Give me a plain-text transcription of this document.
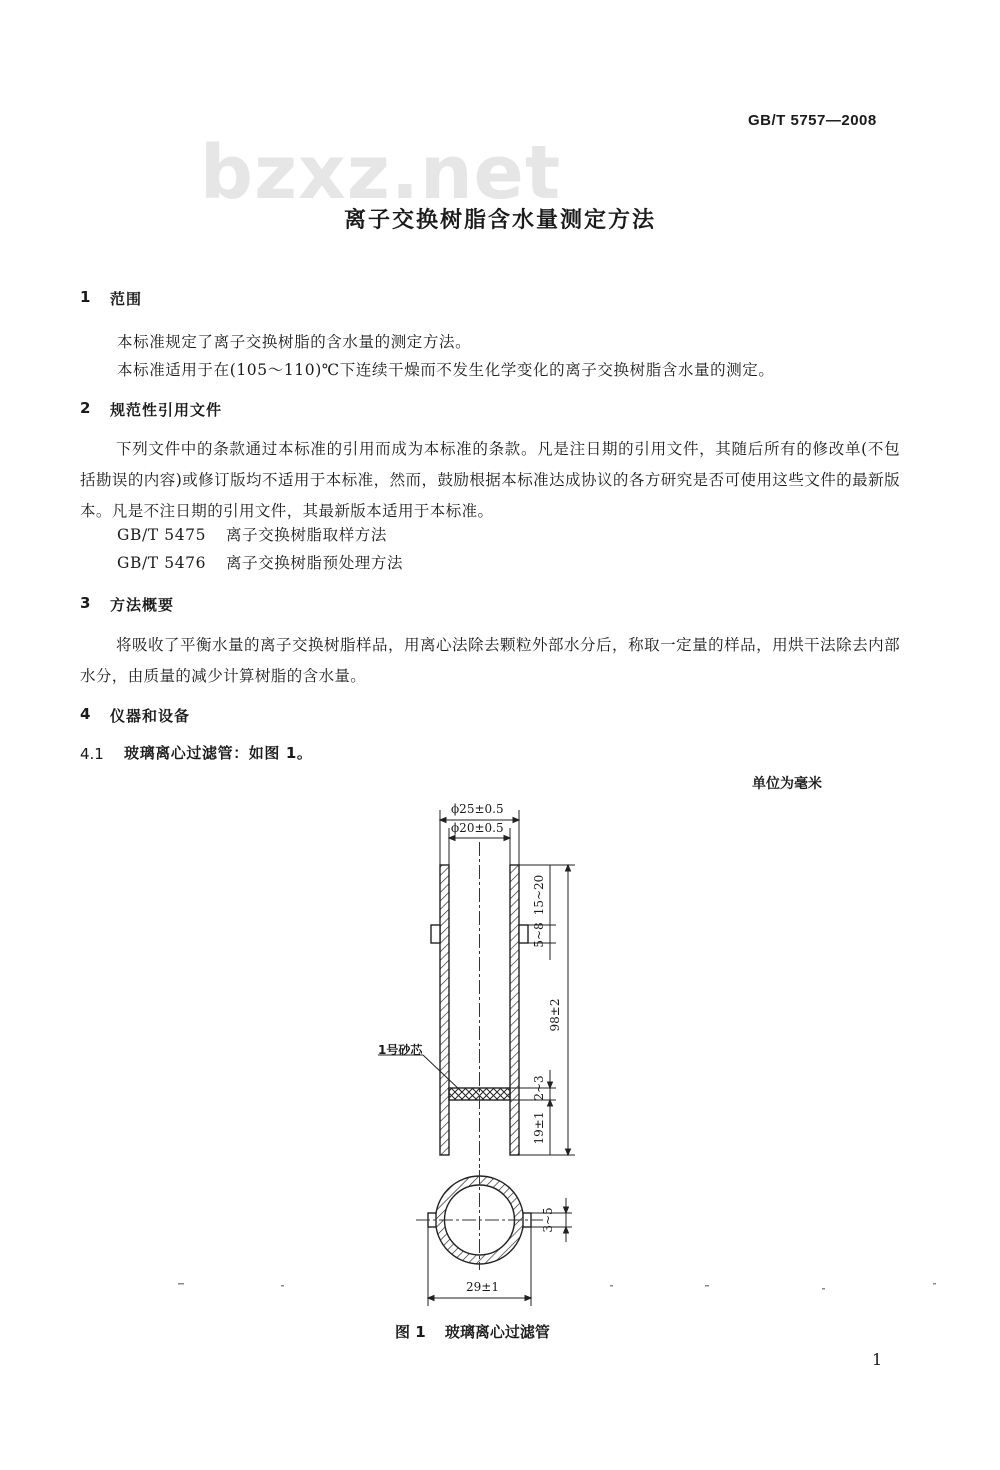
GB/T 5757—2008
bzxz.net
离子交换树脂含水量测定方法
1 范围
本标准规定了离子交换树脂的含水量的测定方法。
本标准适用于在(105～110)℃下连续干燥而不发生化学变化的离子交换树脂含水量的测定。
2 规范性引用文件
下列文件中的条款通过本标准的引用而成为本标准的条款。凡是注日期的引用文件，其随后所有的修改单(不包括勘误的内容)或修订版均不适用于本标准，然而，鼓励根据本标准达成协议的各方研究是否可使用这些文件的最新版本。凡是不注日期的引用文件，其最新版本适用于本标准。
GB/T 5475 离子交换树脂取样方法
GB/T 5476 离子交换树脂预处理方法
3 方法概要
将吸收了平衡水量的离子交换树脂样品，用离心法除去颗粒外部水分后，称取一定量的样品，用烘干法除去内部水分，由质量的减少计算树脂的含水量。
4 仪器和设备
4.1 玻璃离心过滤管：如图 1。
单位为毫米
ϕ25±0.5
ϕ20±0.5
15~20
5~8
98±2
2~3
19±1
3~5
29±1
1号砂芯
图 1 玻璃离心过滤管
1
